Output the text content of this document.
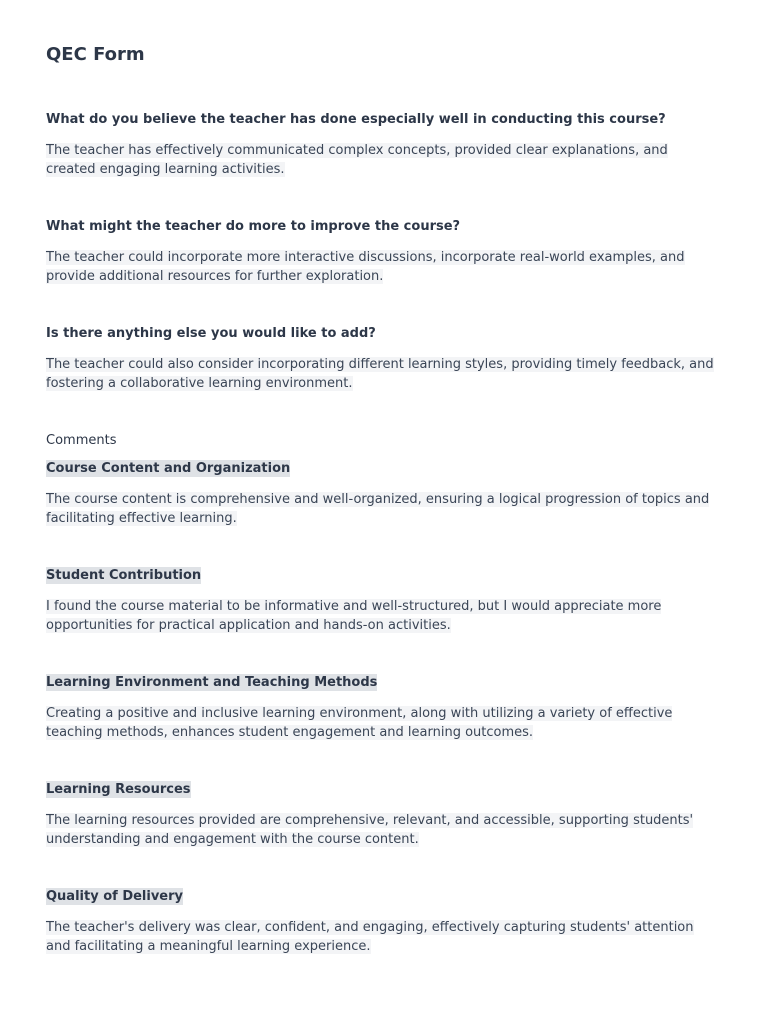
QEC Form
What do you believe the teacher has done especially well in conducting this course?

The teacher has effectively communicated complex concepts, provided clear explanations, and created engaging learning activities.

What might the teacher do more to improve the course?

The teacher could incorporate more interactive discussions, incorporate real-world examples, and provide additional resources for further exploration.

Is there anything else you would like to add?

The teacher could also consider incorporating different learning styles, providing timely feedback, and fostering a collaborative learning environment.

Comments
Course Content and Organization

The course content is comprehensive and well-organized, ensuring a logical progression of topics and facilitating effective learning.

Student Contribution

I found the course material to be informative and well-structured, but I would appreciate more opportunities for practical application and hands-on activities.

Learning Environment and Teaching Methods

Creating a positive and inclusive learning environment, along with utilizing a variety of effective teaching methods, enhances student engagement and learning outcomes.

Learning Resources

The learning resources provided are comprehensive, relevant, and accessible, supporting students' understanding and engagement with the course content.

Quality of Delivery

The teacher's delivery was clear, confident, and engaging, effectively capturing students' attention and facilitating a meaningful learning experience.
